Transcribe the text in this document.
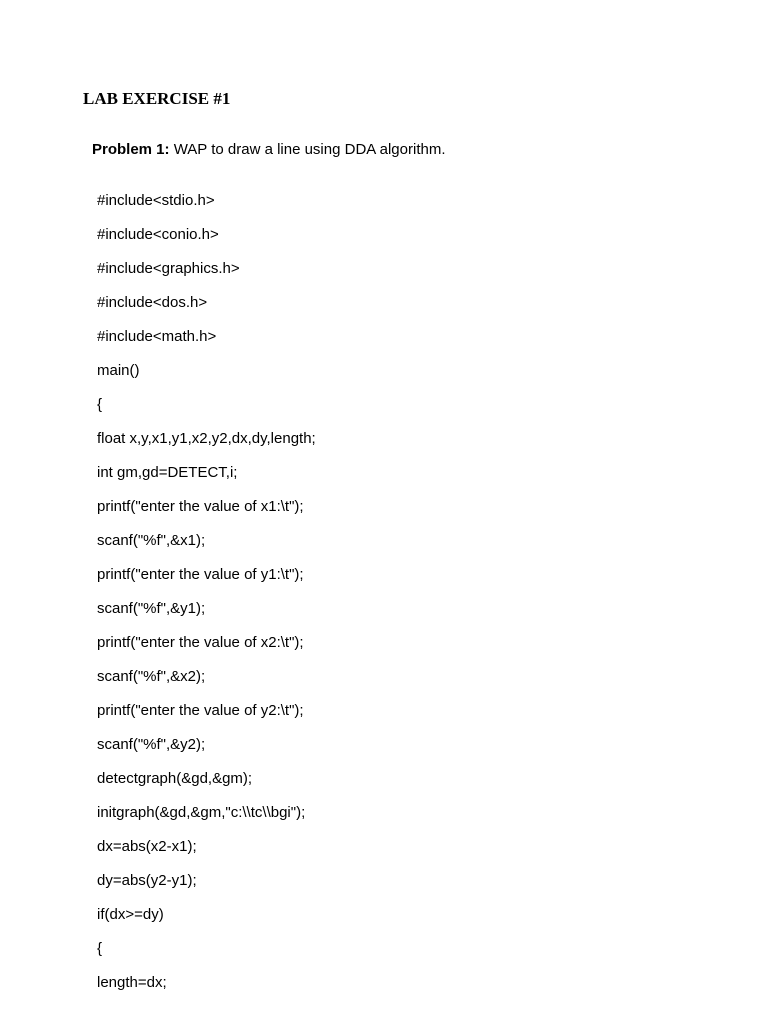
LAB EXERCISE #1
Problem 1: WAP to draw a line using DDA algorithm.
#include<stdio.h>
#include<conio.h>
#include<graphics.h>
#include<dos.h>
#include<math.h>
main()
{
float x,y,x1,y1,x2,y2,dx,dy,length;
int gm,gd=DETECT,i;
printf("enter the value of x1:\t");
scanf("%f",&x1);
printf("enter the value of y1:\t");
scanf("%f",&y1);
printf("enter the value of x2:\t");
scanf("%f",&x2);
printf("enter the value of y2:\t");
scanf("%f",&y2);
detectgraph(&gd,&gm);
initgraph(&gd,&gm,"c:\\tc\\bgi");
dx=abs(x2-x1);
dy=abs(y2-y1);
if(dx>=dy)
{
length=dx;
